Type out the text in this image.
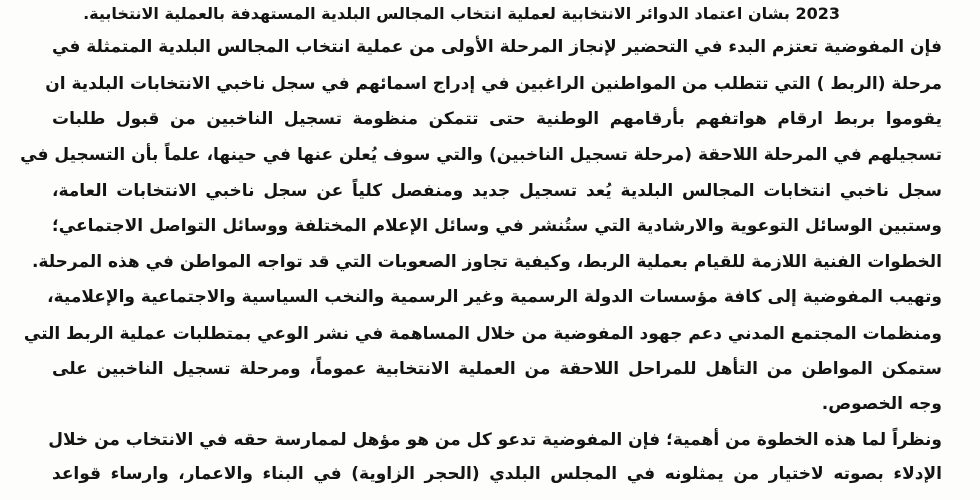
2023 بشان اعتماد الدوائر الانتخابية لعملية انتخاب المجالس البلدية المستهدفة بالعملية الانتخابية.
فإن المفوضية تعتزم البدء في التحضير لإنجاز المرحلة الأولى من عملية انتخاب المجالس البلدية المتمثلة في
مرحلة (الربط ) التي تتطلب من المواطنين الراغبين في إدراج اسمائهم في سجل ناخبي الانتخابات البلدية ان
يقوموا بربط ارقام هواتفهم بأرقامهم الوطنية حتى تتمكن منظومة تسجيل الناخبين من قبول طلبات
تسجيلهم في المرحلة اللاحقة (مرحلة تسجيل الناخبين) والتي سوف يُعلن عنها في حينها، علماً بأن التسجيل في
سجل ناخبي انتخابات المجالس البلدية يُعد تسجيل جديد ومنفصل كلياً عن سجل ناخبي الانتخابات العامة،
وستبين الوسائل التوعوية والارشادية التي ستُنشر في وسائل الإعلام المختلفة ووسائل التواصل الاجتماعي؛
الخطوات الفنية اللازمة للقيام بعملية الربط، وكيفية تجاوز الصعوبات التي قد تواجه المواطن في هذه المرحلة.
وتهيب المفوضية إلى كافة مؤسسات الدولة الرسمية وغير الرسمية والنخب السياسية والاجتماعية والإعلامية،
ومنظمات المجتمع المدني دعم جهود المفوضية من خلال المساهمة في نشر الوعي بمتطلبات عملية الربط التي
ستمكن المواطن من التأهل للمراحل اللاحقة من العملية الانتخابية عموماً، ومرحلة تسجيل الناخبين على
وجه الخصوص.
ونظراً لما هذه الخطوة من أهمية؛ فإن المفوضية تدعو كل من هو مؤهل لممارسة حقه في الانتخاب من خلال
الإدلاء بصوته لاختيار من يمثلونه في المجلس البلدي (الحجر الزاوية) في البناء والاعمار، وارساء قواعد
